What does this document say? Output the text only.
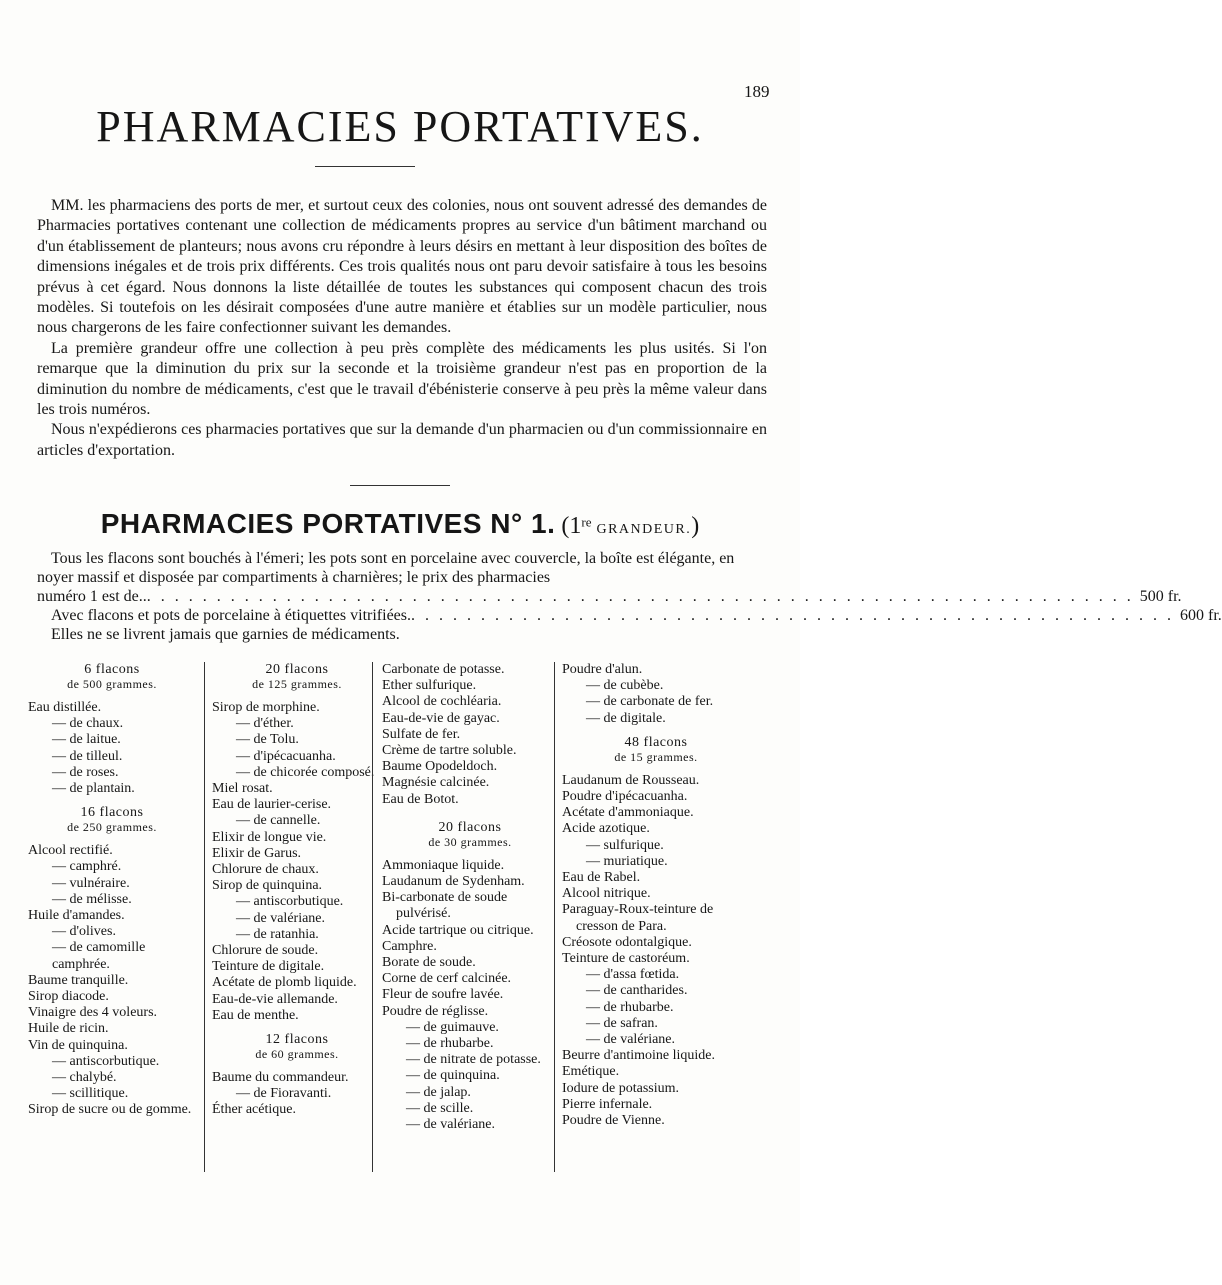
189
PHARMACIES PORTATIVES.

MM. les pharmaciens des ports de mer, et surtout ceux des colonies, nous ont souvent adressé des demandes de Pharmacies portatives contenant une collection de médicaments propres au service d'un bâtiment marchand ou d'un établissement de planteurs; nous avons cru répondre à leurs désirs en mettant à leur disposition des boîtes de dimensions inégales et de trois prix différents. Ces trois qualités nous ont paru devoir satisfaire à tous les besoins prévus à cet égard. Nous donnons la liste détaillée de toutes les substances qui composent chacun des trois modèles. Si toutefois on les désirait composées d'une autre manière et établies sur un modèle particulier, nous nous chargerons de les faire confectionner suivant les demandes.

La première grandeur offre une collection à peu près complète des médicaments les plus usités. Si l'on remarque que la diminution du prix sur la seconde et la troisième grandeur n'est pas en proportion de la diminution du nombre de médicaments, c'est que le travail d'ébénisterie conserve à peu près la même valeur dans les trois numéros.

Nous n'expédierons ces pharmacies portatives que sur la demande d'un pharmacien ou d'un commissionnaire en articles d'exportation.

PHARMACIES PORTATIVES N° 1. (1re GRANDEUR.)

Tous les flacons sont bouchés à l'émeri; les pots sont en porcelaine avec couvercle, la boîte est élégante, en noyer massif et disposée par compartiments à charnières; le prix des pharmacies

numéro 1 est de.. . . . . . . . . . . . . . . . . . . . . . . . . . . . . . . . . . . . . . . . . . . . . . . . . . . . . . . . . . . . . . . . . . . . . . . . 500 fr.
Avec flacons et pots de porcelaine à étiquettes vitrifiées. . . . . . . . . . . . . . . . . . . . . . . . . . . . . . . . . . . . . . . . . . . . . . . . . . . . . . . . 600 fr.

Elles ne se livrent jamais que garnies de médicaments.

6 flacons

de 500 grammes.

Eau distillée.

— de chaux.

— de laitue.

— de tilleul.

— de roses.

— de plantain.

16 flacons

de 250 grammes.

Alcool rectifié.

— camphré.

— vulnéraire.

— de mélisse.

Huile d'amandes.

— d'olives.

— de camomille camphrée.

Baume tranquille.

Sirop diacode.

Vinaigre des 4 voleurs.

Huile de ricin.

Vin de quinquina.

— antiscorbutique.

— chalybé.

— scillitique.

Sirop de sucre ou de gomme.

20 flacons

de 125 grammes.

Sirop de morphine.

— d'éther.

— de Tolu.

— d'ipécacuanha.

— de chicorée composé.

Miel rosat.

Eau de laurier-cerise.

— de cannelle.

Elixir de longue vie.

Elixir de Garus.

Chlorure de chaux.

Sirop de quinquina.

— antiscorbutique.

— de valériane.

— de ratanhia.

Chlorure de soude.

Teinture de digitale.

Acétate de plomb liquide.

Eau-de-vie allemande.

Eau de menthe.

12 flacons

de 60 grammes.

Baume du commandeur.

— de Fioravanti.

Éther acétique.

Carbonate de potasse.

Ether sulfurique.

Alcool de cochléaria.

Eau-de-vie de gayac.

Sulfate de fer.

Crème de tartre soluble.

Baume Opodeldoch.

Magnésie calcinée.

Eau de Botot.

20 flacons

de 30 grammes.

Ammoniaque liquide.

Laudanum de Sydenham.

Bi-carbonate de soude pulvérisé.

Acide tartrique ou citrique.

Camphre.

Borate de soude.

Corne de cerf calcinée.

Fleur de soufre lavée.

Poudre de réglisse.

— de guimauve.

— de rhubarbe.

— de nitrate de potasse.

— de quinquina.

— de jalap.

— de scille.

— de valériane.

Poudre d'alun.

— de cubèbe.

— de carbonate de fer.

— de digitale.

48 flacons

de 15 grammes.

Laudanum de Rousseau.

Poudre d'ipécacuanha.

Acétate d'ammoniaque.

Acide azotique.

— sulfurique.

— muriatique.

Eau de Rabel.

Alcool nitrique.

Paraguay-Roux-teinture de cresson de Para.

Créosote odontalgique.

Teinture de castoréum.

— d'assa fœtida.

— de cantharides.

— de rhubarbe.

— de safran.

— de valériane.

Beurre d'antimoine liquide.

Emétique.

Iodure de potassium.

Pierre infernale.

Poudre de Vienne.
